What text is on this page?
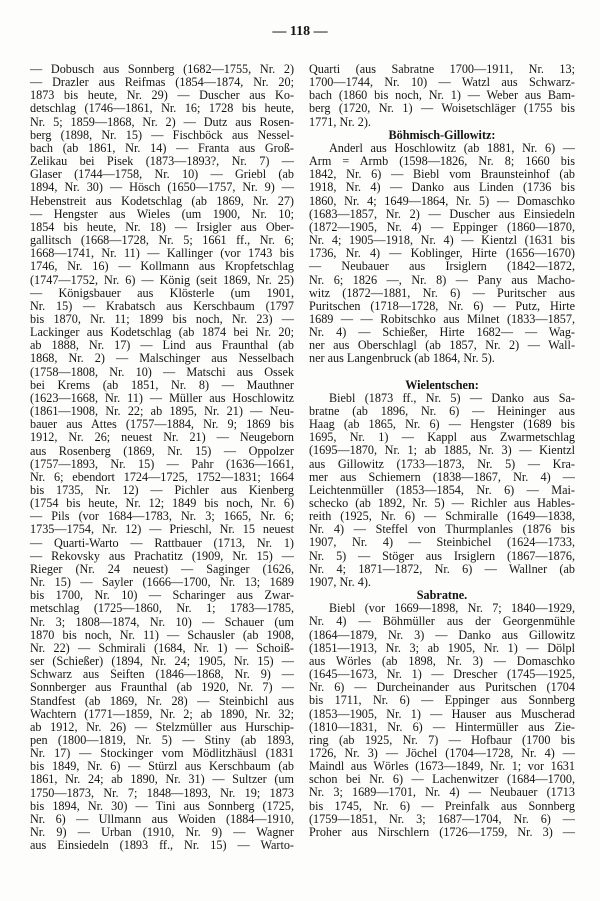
— 118 —
— Dobusch aus Sonnberg (1682—1755, Nr. 2)
— Drazler aus Reifmas (1854—1874, Nr. 20;
1873 bis heute, Nr. 29) — Duscher aus Ko-
detschlag (1746—1861, Nr. 16; 1728 bis heute,
Nr. 5; 1859—1868, Nr. 2) — Dutz aus Rosen-
berg (1898, Nr. 15) — Fischböck aus Nessel-
bach (ab 1861, Nr. 14) — Franta aus Groß-
Zelikau bei Pisek (1873—1893?, Nr. 7) —
Glaser (1744—1758, Nr. 10) — Griebl (ab
1894, Nr. 30) — Hösch (1650—1757, Nr. 9) —
Hebenstreit aus Kodetschlag (ab 1869, Nr. 27)
— Hengster aus Wieles (um 1900, Nr. 10;
1854 bis heute, Nr. 18) — Irsigler aus Ober-
gallitsch (1668—1728, Nr. 5; 1661 ff., Nr. 6;
1668—1741, Nr. 11) — Kallinger (vor 1743 bis
1746, Nr. 16) — Kollmann aus Kropfetschlag
(1747—1752, Nr. 6) — König (seit 1869, Nr. 25)
— Königsbauer aus Klösterle (um 1901,
Nr. 15) — Krabatsch aus Kerschbaum (1797
bis 1870, Nr. 11; 1899 bis noch, Nr. 23) —
Lackinger aus Kodetschlag (ab 1874 bei Nr. 20;
ab 1888, Nr. 17) — Lind aus Fraunthal (ab
1868, Nr. 2) — Malschinger aus Nesselbach
(1758—1808, Nr. 10) — Matschi aus Ossek
bei Krems (ab 1851, Nr. 8) — Mauthner
(1623—1668, Nr. 11) — Müller aus Hoschlowitz
(1861—1908, Nr. 22; ab 1895, Nr. 21) — Neu-
bauer aus Attes (1757—1884, Nr. 9; 1869 bis
1912, Nr. 26; neuest Nr. 21) — Neugeborn
aus Rosenberg (1869, Nr. 15) — Oppolzer
(1757—1893, Nr. 15) — Pahr (1636—1661,
Nr. 6; ebendort 1724—1725, 1752—1831; 1664
bis 1735, Nr. 12) — Pichler aus Kienberg
(1754 bis heute, Nr. 12; 1849 bis noch, Nr. 6)
— Pils (vor 1684—1783, Nr. 3; 1665, Nr. 6;
1735—1754, Nr. 12) — Prieschl, Nr. 15 neuest
— Quarti-Warto — Rattbauer (1713, Nr. 1)
— Rekovsky aus Prachatitz (1909, Nr. 15) —
Rieger (Nr. 24 neuest) — Saginger (1626,
Nr. 15) — Sayler (1666—1700, Nr. 13; 1689
bis 1700, Nr. 10) — Scharinger aus Zwar-
metschlag (1725—1860, Nr. 1; 1783—1785,
Nr. 3; 1808—1874, Nr. 10) — Schauer (um
1870 bis noch, Nr. 11) — Schausler (ab 1908,
Nr. 22) — Schmirali (1684, Nr. 1) — Schoiß-
ser (Schießer) (1894, Nr. 24; 1905, Nr. 15) —
Schwarz aus Seiften (1846—1868, Nr. 9) —
Sonnberger aus Fraunthal (ab 1920, Nr. 7) —
Standfest (ab 1869, Nr. 28) — Steinbichl aus
Wachtern (1771—1859, Nr. 2; ab 1890, Nr. 32;
ab 1912, Nr. 26) — Stelzmüller aus Hurschip-
pen (1800—1819, Nr. 5) — Stiny (ab 1893,
Nr. 17) — Stockinger vom Mödlitzhäusl (1831
bis 1849, Nr. 6) — Stürzl aus Kerschbaum (ab
1861, Nr. 24; ab 1890, Nr. 31) — Sultzer (um
1750—1873, Nr. 7; 1848—1893, Nr. 19; 1873
bis 1894, Nr. 30) — Tini aus Sonnberg (1725,
Nr. 6) — Ullmann aus Woiden (1884—1910,
Nr. 9) — Urban (1910, Nr. 9) — Wagner
aus Einsiedeln (1893 ff., Nr. 15) — Warto-
Quarti (aus Sabratne 1700—1911, Nr. 13;
1700—1744, Nr. 10) — Watzl aus Schwarz-
bach (1860 bis noch, Nr. 1) — Weber aus Bam-
berg (1720, Nr. 1) — Woisetschläger (1755 bis
1771, Nr. 2).
Böhmisch-Gillowitz:
Anderl aus Hoschlowitz (ab 1881, Nr. 6) —
Arm = Armb (1598—1826, Nr. 8; 1660 bis
1842, Nr. 6) — Biebl vom Braunsteinhof (ab
1918, Nr. 4) — Danko aus Linden (1736 bis
1860, Nr. 4; 1649—1864, Nr. 5) — Domaschko
(1683—1857, Nr. 2) — Duscher aus Einsiedeln
(1872—1905, Nr. 4) — Eppinger (1860—1870,
Nr. 4; 1905—1918, Nr. 4) — Kientzl (1631 bis
1736, Nr. 4) — Koblinger, Hirte (1656—1670)
— Neubauer aus Irsiglern (1842—1872,
Nr. 6; 1826 —, Nr. 8) — Pany aus Macho-
witz (1872—1881, Nr. 6) — Puritscher aus
Puritschen (1718—1728, Nr. 6) — Putz, Hirte
1689 — — Robitschko aus Milnet (1833—1857,
Nr. 4) — Schießer, Hirte 1682— — Wag-
ner aus Oberschlagl (ab 1857, Nr. 2) — Wall-
ner aus Langenbruck (ab 1864, Nr. 5).
Wielentschen:
Biebl (1873 ff., Nr. 5) — Danko aus Sa-
bratne (ab 1896, Nr. 6) — Heininger aus
Haag (ab 1865, Nr. 6) — Hengster (1689 bis
1695, Nr. 1) — Kappl aus Zwarmetschlag
(1695—1870, Nr. 1; ab 1885, Nr. 3) — Kientzl
aus Gillowitz (1733—1873, Nr. 5) — Kra-
mer aus Schiemern (1838—1867, Nr. 4) —
Leichtenmüller (1853—1854, Nr. 6) — Mai-
schecko (ab 1892, Nr. 5) — Richler aus Hables-
reith (1925, Nr. 6) — Schmiralle (1649—1838,
Nr. 4) — Steffel von Thurmplanles (1876 bis
1907, Nr. 4) — Steinbichel (1624—1733,
Nr. 5) — Stöger aus Irsiglern (1867—1876,
Nr. 4; 1871—1872, Nr. 6) — Wallner (ab
1907, Nr. 4).
Sabratne.
Biebl (vor 1669—1898, Nr. 7; 1840—1929,
Nr. 4) — Böhmüller aus der Georgenmühle
(1864—1879, Nr. 3) — Danko aus Gillowitz
(1851—1913, Nr. 3; ab 1905, Nr. 1) — Dölpl
aus Wörles (ab 1898, Nr. 3) — Domaschko
(1645—1673, Nr. 1) — Drescher (1745—1925,
Nr. 6) — Durcheinander aus Puritschen (1704
bis 1711, Nr. 6) — Eppinger aus Sonnberg
(1853—1905, Nr. 1) — Hauser aus Muscherad
(1810—1831, Nr. 6) — Hintermüller aus Zie-
ring (ab 1925, Nr. 7) — Hofbaur (1700 bis
1726, Nr. 3) — Jöchel (1704—1728, Nr. 4) —
Maindl aus Wörles (1673—1849, Nr. 1; vor 1631
schon bei Nr. 6) — Lachenwitzer (1684—1700,
Nr. 3; 1689—1701, Nr. 4) — Neubauer (1713
bis 1745, Nr. 6) — Preinfalk aus Sonnberg
(1759—1851, Nr. 3; 1687—1704, Nr. 6) —
Proher aus Nirschlern (1726—1759, Nr. 3) —
